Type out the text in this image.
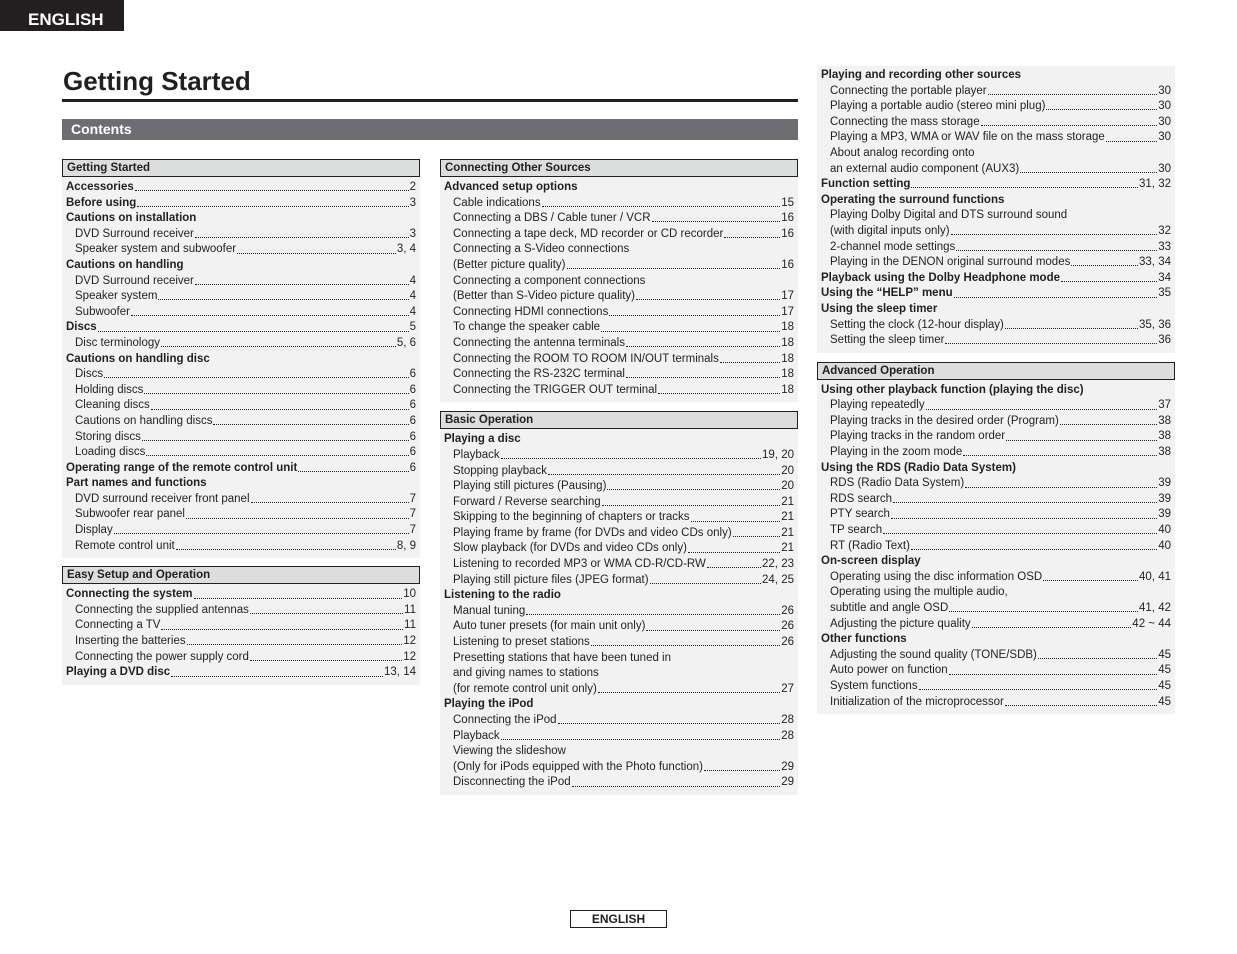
ENGLISH
Getting Started
Contents
Getting Started
Accessories	2
Before using	3
Cautions on installation
DVD Surround receiver	3
Speaker system and subwoofer	3, 4
Cautions on handling
DVD Surround receiver	4
Speaker system	4
Subwoofer	4
Discs	5
Disc terminology	5, 6
Cautions on handling disc
Discs	6
Holding discs	6
Cleaning discs	6
Cautions on handling discs	6
Storing discs	6
Loading discs	6
Operating range of the remote control unit	6
Part names and functions
DVD surround receiver front panel	7
Subwoofer rear panel	7
Display	7
Remote control unit	8, 9
Easy Setup and Operation
Connecting the system	10
Connecting the supplied antennas	11
Connecting a TV	11
Inserting the batteries	12
Connecting the power supply cord	12
Playing a DVD disc	13, 14
Connecting Other Sources
Advanced setup options
Cable indications	15
Connecting a DBS / Cable tuner / VCR	16
Connecting a tape deck, MD recorder or CD recorder	16
Connecting a S-Video connections
(Better picture quality)	16
Connecting a component connections
(Better than S-Video picture quality)	17
Connecting HDMI connections	17
To change the speaker cable	18
Connecting the antenna terminals	18
Connecting the ROOM TO ROOM IN/OUT terminals	18
Connecting the RS-232C terminal	18
Connecting the TRIGGER OUT terminal	18
Basic Operation
Playing a disc
Playback	19, 20
Stopping playback	20
Playing still pictures (Pausing)	20
Forward / Reverse searching	21
Skipping to the beginning of chapters or tracks	21
Playing frame by frame (for DVDs and video CDs only)	21
Slow playback (for DVDs and video CDs only)	21
Listening to recorded MP3 or WMA CD-R/CD-RW	22, 23
Playing still picture files (JPEG format)	24, 25
Listening to the radio
Manual tuning	26
Auto tuner presets (for main unit only)	26
Listening to preset stations	26
Presetting stations that have been tuned in
and giving names to stations
(for remote control unit only)	27
Playing the iPod
Connecting the iPod	28
Playback	28
Viewing the slideshow
(Only for iPods equipped with the Photo function)	29
Disconnecting the iPod	29
Playing and recording other sources
Connecting the portable player	30
Playing a portable audio (stereo mini plug)	30
Connecting the mass storage	30
Playing a MP3, WMA or WAV file on the mass storage	30
About analog recording onto
an external audio component (AUX3)	30
Function setting	31, 32
Operating the surround functions
Playing Dolby Digital and DTS surround sound
(with digital inputs only)	32
2-channel mode settings	33
Playing in the DENON original surround modes	33, 34
Playback using the Dolby Headphone mode	34
Using the “HELP” menu	35
Using the sleep timer
Setting the clock (12-hour display)	35, 36
Setting the sleep timer	36
Advanced Operation
Using other playback function (playing the disc)
Playing repeatedly	37
Playing tracks in the desired order (Program)	38
Playing tracks in the random order	38
Playing in the zoom mode	38
Using the RDS (Radio Data System)
RDS (Radio Data System)	39
RDS search	39
PTY search	39
TP search	40
RT (Radio Text)	40
On-screen display
Operating using the disc information OSD	40, 41
Operating using the multiple audio,
subtitle and angle OSD	41, 42
Adjusting the picture quality	42 ~ 44
Other functions
Adjusting the sound quality (TONE/SDB)	45
Auto power on function	45
System functions	45
Initialization of the microprocessor	45
ENGLISH
